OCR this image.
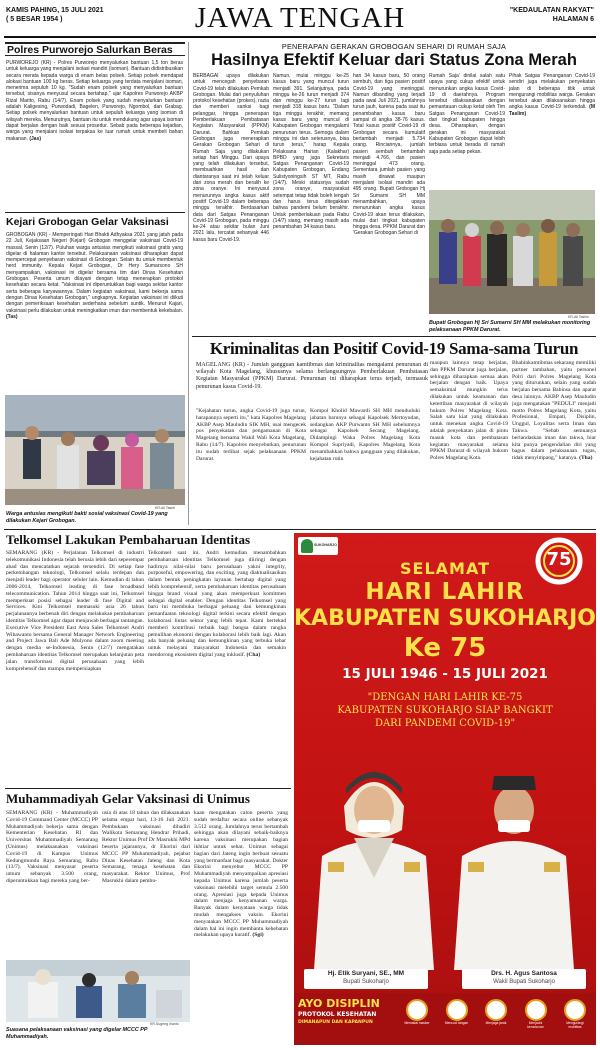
KAMIS PAHING, 15 JULI 2021
( 5 BESAR 1954 )	JAWA TENGAH	"KEDAULATAN RAKYAT"
HALAMAN 6
Polres Purworejo Salurkan Beras
PURWOREJO (KR) - Polres Purworejo menyalurkan bantuan 1,5 ton beras untuk keluarga yang menjalani isolasi mandiri (isoman). Bantuan didistribusikan secara merata kepada warga di enam belas polsek. Setiap polsek mendapat alokasi bantuan 100 kg beras. Setiap keluarga yang terdata menjalani isoman, menerima sepuluh 10 kg. "Sudah enam polsek yang menyalurkan bantuan tersebut, sisanya menyusul secara bertahap," ujar Kapolres Purworejo AKBP Rizal Marito, Rabu (14/7). Enam polsek yang sudah menyalurkan bantuan adalah Kaligesing, Purwodadi, Bagelen, Purworejo, Ngombol, dan Grabag. Setiap polsek menyalurkan bantuan untuk sepuluh keluarga yang isoman di wilayah mereka. Menurutnya, bantuan itu untuk mendukung agar upaya isoman dapat berjalan dengan baik sesuai prosedur. Sebab pada beberapa kejadian, warga yang menjalani isolasi terpaksa ke luar rumah untuk membeli bahan makanan. (Jas)
Kejari Grobogan Gelar Vaksinasi
GROBOGAN (KR) - Memperingati Hari Bhakti Adhyaksa 2021 yang jatuh pada 22 Juli, Kejaksaan Negeri (Kejari) Grobogan menggelar vaksinasi Covid-19 massal, Senin (12/7). Puluhan warga antusias mengikuti vaksinasi gratis yang digelar di halaman kantor tersebut. Pelaksanaan vaksinasi diharapkan dapat mempercepat penyebaran vaksinasi di Grobogan. Selain itu untuk membentuk herd immunity. Kepala Kejari Grobogan, Dr Hery Sumarsono SH menyampaikan, vaksinasi ini digelar bersama tim dari Dinas Kesehatan Grobogan. Peserta umum dilayani dengan tetap menerapkan protokol kesehatan secara ketat. "Vaksinasi ini diperuntukkan bagi warga sekitar kantor serta beberapa karyawannya. Dalam kegiatan vaksinasi, kami bekerja sama dengan Dinas Kesehatan Grobogan," ungkapnya. Kegiatan vaksinasi ini diikuti dengan pemeriksaan kesehatan sederhana sebelum suntik. Menurut Kajari, vaksinasi perlu dilakukan untuk meningkatkan imun dan membentuk kekebalan. (Tas)
KR-Ali Tasim
Warga antusias mengikuti bakti sosial vaksinasi Covid-19 yang dilakukan Kejari Grobogan.
PENERAPAN GERAKAN GROBOGAN SEHARI DI RUMAH SAJA
Hasilnya Efektif Keluar dari Status Zona Merah
BERBAGAI upaya dilakukan untuk mencegah penyebaran Covid-19 telah dilakukan Pemkab Grobogan. Mulai dari penyuluhan protokol kesehatan (prokes), razia dan memberi sanksi bagi pelanggar, hingga penerapan Pemberlakuan Pembatasan Kegiatan Masyarakat (PPKM) Darurat. Bahkan Pemkab Grobogan juga menerapkan Gerakan Grobogan Sehari di Rumah Saja yang dilakukan setiap hari Minggu. Dari upaya yang telah dilakukan tersebut, membuahkan hasil dan diantaranya saat ini telah keluar dari zona merah dan beralih ke zona oranye. Ini menyusul menurunnya angka kasus aktif positif Covid-19 dalam beberapa minggu terakhir. Berdasarkan data dari Satgas Penanganan Covid-19 Grobogan, pada minggu ke-24 atau sekitar bulan Juni 2021 lalu, tercatat sebanyak 446 kasus baru Covid-19.
Namun, mulai minggu ke-25 kasus baru yang muncul turun menjadi 391. Selanjutnya, pada minggu ke-26 turun menjadi 374 dan minggu ke-27 turun lagi menjadi 318 kasus baru. "Dalam tiga minggu terakhir, memang kasus baru yang muncul di Kabupaten Grobogan mengalami penurunan terus. Semoga dalam minggu ini dan seterusnya, bisa turun terus," harap Kepala Pelaksana Harian (Kalakhar) BPBD yang juga Sekretaris Satgas Penanganan Covid-19 Kabupaten Grobogan, Endang Sulistyoningsih ST MT, Rabu (14/7). Meski statusnya sudah zona oranye, masyarakat setempat tetap tidak boleh lengah dan harus terus ditegakkan bahwa pandemi belum berakhir. Untuk pemberlakuan pada Rabu (14/7) siang, memang masih ada penambahan 34 kasus baru.
han 34 kasus baru, 50 orang sembuh, dan tiga pasien positif Covid-19 yang meninggal. Namun dibanding yang terjadi pada awal Juli 2021, jumlahnya turun jauh, karena pada saat itu penambahan kasus baru sampai di angka 38-76 kasus. Total kasus positif Covid-19 di Grobogan secara kumulatif bertambah menjadi 5.734 orang. Rinciannya, jumlah pasien sembuh bertambah menjadi 4.766, dan pasien meninggal 473 orang. Sementara jumlah pasien yang masih dirawat maupun menjalani isolasi mandiri ada 495 orang. Bupati Grobogan Hj Sri Sumarni SH MM menambahkan, upaya menurunkan angka kasus Covid-19 akan terus dilakukan, mulai dari tingkat kabupaten hingga desa. PPKM Darurat dan 'Gerakan Grobogan Sehari di
Rumah Saja' dinilai salah satu upaya yang cukup efektif untuk menurunkan angka kasus Covid-19 di daerahnya. Program tersebut dilaksanakan dengan pemantauan cukup ketat oleh Tim Satgas Penanganan Covid-19 dari tingkat kabupaten hingga desa. Diharapkan, dengan gerakan ini masyarakat Kabupaten Grobogan dapat lebih terbiasa untuk berada di rumah saja pada setiap pekan.
Pihak Satgas Penanganan Covid-19 sendiri juga melakukan penyekatan jalan di beberapa titik untuk mengurangi mobilitas warga. Gerakan tersebut akan dilaksanakan hingga angka kasus Covid-19 terkendali. (M Taslim)
KR-Ali Taslim
Bupati Grobogan Hj Sri Sumarni SH MM melakukan monitoring pelaksanaan PPKM Darurat.
Kriminalitas dan Positif Covid-19 Sama-sama Turun
MAGELANG (KR) - Jumlah gangguan kamtibmas dan kriminalitas mengalami penurunan di wilayah Kota Magelang, khususnya selama berlangsungnya Pemberlakuan Pembatasan Kegiatan Masyarakat (PPKM) Darurat. Penurunan ini diharapkan terus terjadi, termasuk penurunan kasus Covid-19.
"Kejahatan turun, angka Covid-19 juga turun, harapannya seperti itu," kata Kapolres Magelang AKBP Asep Mauludin SIK MH, usai mengecek pos penyekatan dan pengamanan di Kota Magelang bersama Wakil Wali Kota Magelang, Rabu (14/7). Kapolres menyebutkan, penurunan itu sudah terlihat sejak pelaksanaan PPKM Darurat.
Kompol Kholid Mawardi SH MH menduduki jabatan barunya sebagai Kapolsek Mertoyudan, sedangkan AKP Purwanto SH MH sebelumnya sebagai Kapolsek Secang Magelang. Didampingi Waka Polres Magelang Kota Kompol Supriyadi, Kapolres Magelang Kota menambahkan bahwa gangguan yang dilakukan, kejahatan rutin
maupun lainnya tetap berjalan, dan PPKM Darurat juga berjalan, sehingga diharapkan semua akan berjalan dengan baik. Upaya semaksimal mungkin terus dilakukan untuk keamanan dan ketertiban masyarakat di wilayah hukum Polres Magelang Kota. Salah satu kiat yang dilakukan untuk menekan angka Covid-19 adalah penyekatan jalan di pintu masuk kota dan pembatasan kegiatan masyarakat selama PPKM Darurat di wilayah hukum Polres Magelang Kota.
Bhabinkamtibmas sekarang memiliki partner tambahan, yaitu personel Polri dari Polres Magelang Kota yang diturunkan, selain yang sudah berjalan bersama Babinsa dan aparat desa lainnya. AKBP Asep Mauludin juga mengatakan "PEDULI" menjadi motto Polres Magelang Kota, yaitu Profesional, Empati, Disiplin, Unggul, Loyalitas serta Iman dan Takwa. "Sebab semuanya berlandaskan iman dan takwa, biar kita punya pengendalian diri yang bagus dalam pelaksanaan tugas, tidak menyimpang," katanya. (Tha)
Telkomsel Lakukan Pembaharuan Identitas
SEMARANG (KR) - Perjalanan Telkomsel di industri telekomunikasi Indonesia telah berusia lebih dari seperempat abad dan mencatatkan sejarah tersendiri. Di setiap fase perkembangan teknologi, Telkomsel selalu terdepan dan menjadi leader bagi operator seluler lain. Kemudian di tahun 2006-2014, Telkomsel leading di fase broadband telecommunication. Tahun 2014 hingga saat ini, Telkomsel memperkuat posisi sebagai leader di fase Digital and Services. Kini Telkomsel memasuki usia 26 tahun perjalanannya berbenah diri dengan melakukan pembaharuan identitas Telkomsel agar dapat menjawab berbagai tantangan. Executive Vice President East Area Sales Telkomsel Andri Wibawanto bersama General Manager Network Engineering and Project Jawa Bali Ade Mulyono dalam zoom meeting dengan media se-Indonesia, Senin (12/7) mengatakan pembaharuan identitas Telkomsel merupakan kelanjutan peta jalan transformasi digital perusahaan yang lebih komprehensif dan mampu mempersiapkan
Telkomsel saat ini. Andri kemudian menambahkan pembaharuan identitas Telkomsel juga diiringi dengan hadirnya nilai-nilai baru perusahaan yakni integrity, purposeful, empowering, dan exciting, yang diaktualisasikan dalam bentuk peningkatan layanan bertahap digital yang lebih komprehensif, serta pembaharuan identitas perusahaan hingga brand visual yang akan memperkuat komitmen sebagai digital enabler. Dengan identitas Telkomsel yang baru ini membuka berbagai peluang dan kemungkinan pemanfaatan teknologi digital terkini secara efektif dengan kolaborasi lintas sektor yang lebih tepat. Kami bertekad memberi kontribusi terbaik bagi bangsa dalam rangka pemulihan ekonomi dengan kolaborasi lebih baik lagi. Akan ada banyak peluang dan kemungkinan yang terbuka lebar untuk melayani masyarakat Indonesia dan semakin mendorong ekosistem digital yang inklusif. (Cha)
Muhammadiyah Gelar Vaksinasi di Unimus
SEMARANG (KR) - Muhammadiyah Covid-19 Command Center (MCCC) PP Muhammadiyah bekerja sama dengan Kementerian Kesehatan RI dan Universitas Muhammadiyah Semarang (Unimus) melaksanakan vaksinasi Covid-19 di Kampus Unimus Kedungmundu Raya Semarang, Rabu (13/7). Vaksinasi menyasar peserta umum sebanyak 3.500 orang, diperuntukkan bagi mereka yang ber-
usia di atas 18 tahun dan dilaksanakan selama empat hari, 13-16 Juli 2021. Pembukaan vaksinasi dihadiri Walikota Semarang Hendrar Prihadi, Rektor Unimus Prof Dr Masrukhi MPd beserta jajarannya, dr Ekorini dari MCCC PP Muhammadiyah, pejabat Dinas Kesehatan Jateng dan Kota Semarang, tenaga kesehatan dan masyarakat. Rektor Unimus, Prof Masrukhi dalam pembu-
kaan mengatakan calon peserta yang sudah terdaftar secara online sebanyak 3.512 orang. Jumlahnya terus bertambah sehingga akan dilayani sebaik-baiknya karena vaksinasi merupakan bagian ikhtiar untuk sehat. Unimus sebagai bagian dari Jateng ingin berbuat sesuatu yang bermanfaat bagi masyarakat. Dokter Ekorini menyebut MCCC PP Muhammadiyah menyampaikan apresiasi kepada Unimus karena jumlah peserta vaksinasi melebihi target semula 2.500 orang. Apresiasi juga kepada Unimus dalam menjaga kenyamanan warga. Banyak dalam kenyataan warga tidak mudah mengakses vaksin. Ekorini menyatakan MCCC PP Muhammadiyah dalam hal ini ingin membantu kehebatan melakukan upaya kuratif. (Sgi)
KR-Sugeng Irianto
Suasana pelaksanaan vaksinasi yang digelar MCCC PP Muhammadiyah.
SUKOHARJO
75
SELAMAT
HARI LAHIR
KABUPATEN SUKOHARJO
Ke 75
15 JULI 1946 - 15 JULI 2021
"DENGAN HARI LAHIR KE-75
KABUPATEN SUKOHARJO SIAP BANGKIT
DARI PANDEMI COVID-19"
Hj. Etik Suryani, SE., MM
Bupati Sukoharjo
Drs. H. Agus Santosa
Wakil Bupati Sukoharjo
AYO DISIPLIN
PROTOKOL KESEHATAN
DIMANAPUN DAN KAPANPUN	Memakai masker	Mencuci tangan	Menjaga jarak	Menjauhi kerumunan
Mengurangi mobilitas
